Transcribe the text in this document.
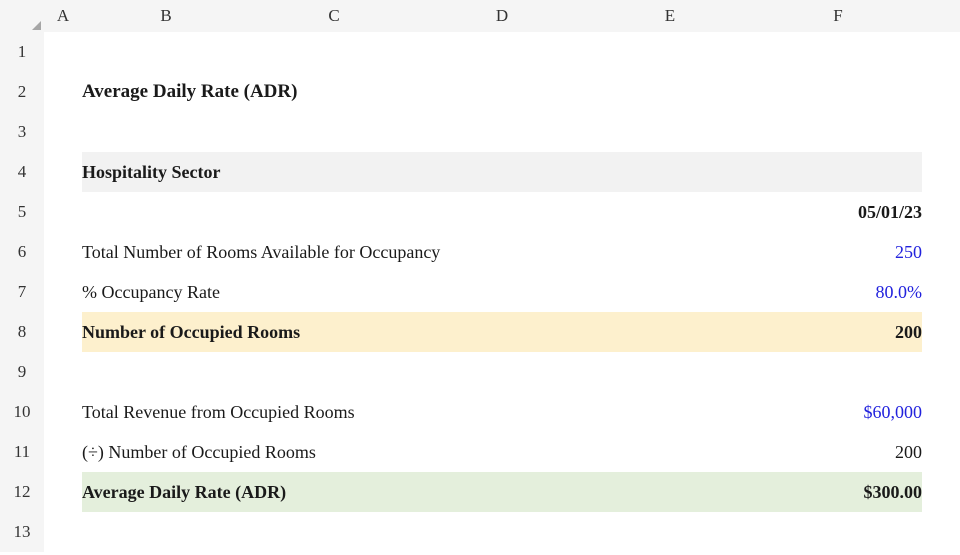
	A	B	C	D	E	F	
1							
2		Average Daily Rate (ADR)					
3							
4		Hospitality Sector					
5						05/01/23	
6		Total Number of Rooms Available for Occupancy				250	
7		% Occupancy Rate				80.0%	
8		Number of Occupied Rooms				200	
9							
10		Total Revenue from Occupied Rooms				$60,000	
11		(÷) Number of Occupied Rooms				200	
12		Average Daily Rate (ADR)				$300.00	
13							
